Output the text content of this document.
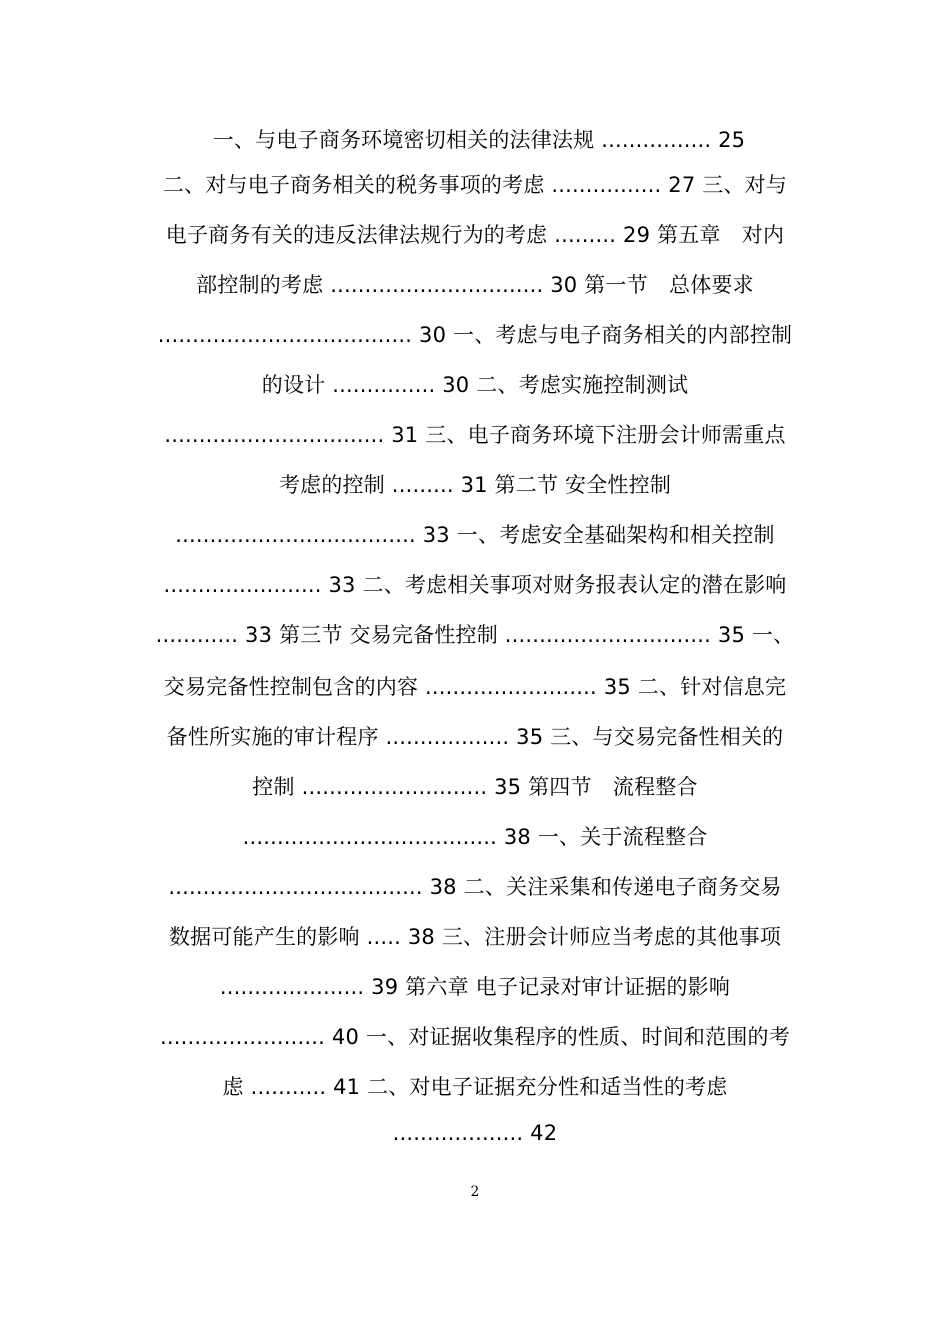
一、与电子商务环境密切相关的法律法规 ................ 25
二、对与电子商务相关的税务事项的考虑 ................ 27 三、对与
电子商务有关的违反法律法规行为的考虑 ......... 29 第五章　对内
部控制的考虑 ............................... 30 第一节　总体要求
..................................... 30 一、考虑与电子商务相关的内部控制
的设计 ............... 30 二、考虑实施控制测试
................................ 31 三、电子商务环境下注册会计师需重点
考虑的控制 ......... 31 第二节 安全性控制
................................... 33 一、考虑安全基础架构和相关控制
....................... 33 二、考虑相关事项对财务报表认定的潜在影响
............ 33 第三节 交易完备性控制 .............................. 35 一、
交易完备性控制包含的内容 ......................... 35 二、针对信息完
备性所实施的审计程序 .................. 35 三、与交易完备性相关的
控制 ........................... 35 第四节　流程整合
..................................... 38 一、关于流程整合
..................................... 38 二、关注采集和传递电子商务交易
数据可能产生的影响 ..... 38 三、注册会计师应当考虑的其他事项
..................... 39 第六章 电子记录对审计证据的影响
........................ 40 一、对证据收集程序的性质、时间和范围的考
虑 ........... 41 二、对电子证据充分性和适当性的考虑
................... 42
2
